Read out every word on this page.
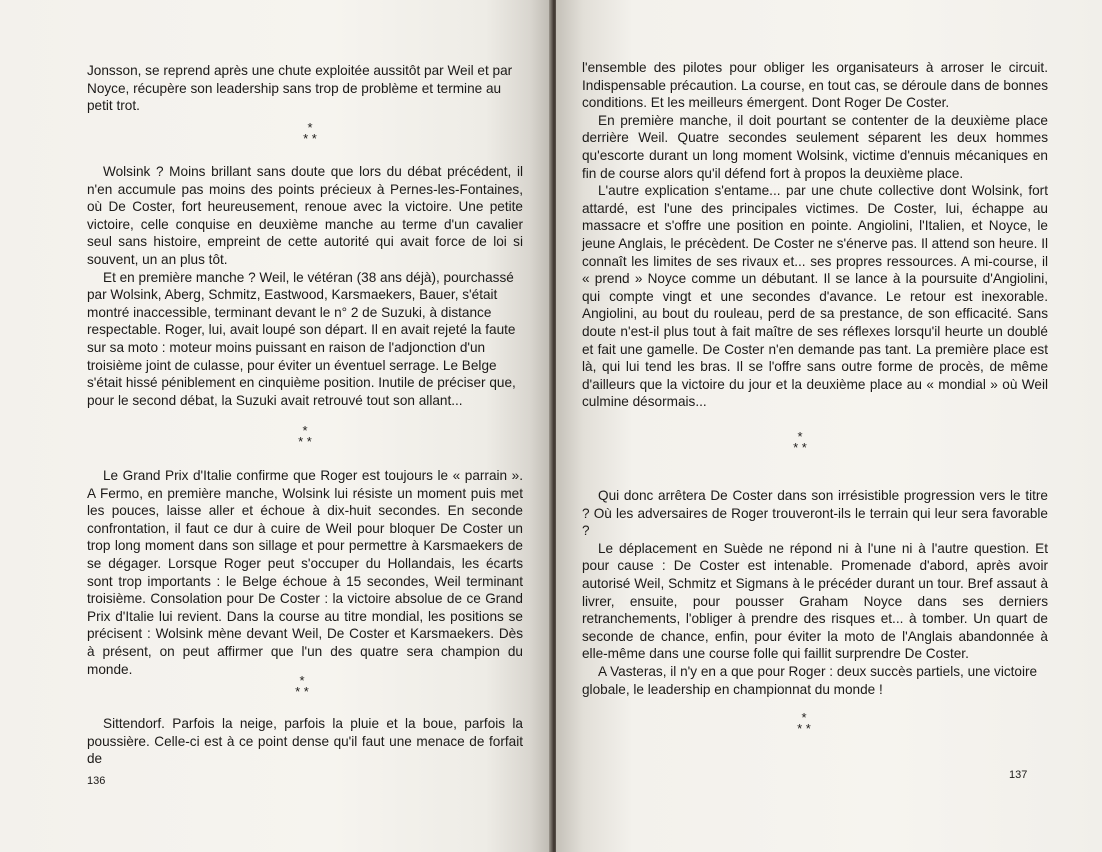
Jonsson, se reprend après une chute exploitée aussitôt par Weil et par Noyce, récupère son leadership sans trop de problème et termine au petit trot.

*
* *

Wolsink ? Moins brillant sans doute que lors du débat précédent, il n'en accumule pas moins des points précieux à Pernes-les-Fontaines, où De Coster, fort heureusement, renoue avec la victoire. Une petite victoire, celle conquise en deuxième manche au terme d'un cavalier seul sans histoire, empreint de cette autorité qui avait force de loi si souvent, un an plus tôt.

Et en première manche ? Weil, le vétéran (38 ans déjà), pourchassé par Wolsink, Aberg, Schmitz, Eastwood, Karsmaekers, Bauer, s'était montré inaccessible, terminant devant le n° 2 de Suzuki, à distance respectable. Roger, lui, avait loupé son départ. Il en avait rejeté la faute sur sa moto : moteur moins puissant en raison de l'adjonction d'un troisième joint de culasse, pour éviter un éventuel serrage. Le Belge s'était hissé péniblement en cinquième position. Inutile de préciser que, pour le second débat, la Suzuki avait retrouvé tout son allant...

*
* *

Le Grand Prix d'Italie confirme que Roger est toujours le « parrain ». A Fermo, en première manche, Wolsink lui résiste un moment puis met les pouces, laisse aller et échoue à dix-huit secondes. En seconde confrontation, il faut ce dur à cuire de Weil pour bloquer De Coster un trop long moment dans son sillage et pour permettre à Karsmaekers de se dégager. Lorsque Roger peut s'occuper du Hollandais, les écarts sont trop importants : le Belge échoue à 15 secondes, Weil terminant troisième. Consolation pour De Coster : la victoire absolue de ce Grand Prix d'Italie lui revient. Dans la course au titre mondial, les positions se précisent : Wolsink mène devant Weil, De Coster et Karsmaekers. Dès à présent, on peut affirmer que l'un des quatre sera champion du monde.

*
* *

Sittendorf. Parfois la neige, parfois la pluie et la boue, parfois la poussière. Celle-ci est à ce point dense qu'il faut une menace de forfait de

136

l'ensemble des pilotes pour obliger les organisateurs à arroser le circuit. Indispensable précaution. La course, en tout cas, se déroule dans de bonnes conditions. Et les meilleurs émergent. Dont Roger De Coster.

En première manche, il doit pourtant se contenter de la deuxième place derrière Weil. Quatre secondes seulement séparent les deux hommes qu'escorte durant un long moment Wolsink, victime d'ennuis mécaniques en fin de course alors qu'il défend fort à propos la deuxième place.

L'autre explication s'entame... par une chute collective dont Wolsink, fort attardé, est l'une des principales victimes. De Coster, lui, échappe au massacre et s'offre une position en pointe. Angiolini, l'Italien, et Noyce, le jeune Anglais, le précèdent. De Coster ne s'énerve pas. Il attend son heure. Il connaît les limites de ses rivaux et... ses propres ressources. A mi-course, il « prend » Noyce comme un débutant. Il se lance à la poursuite d'Angiolini, qui compte vingt et une secondes d'avance. Le retour est inexorable. Angiolini, au bout du rouleau, perd de sa prestance, de son efficacité. Sans doute n'est-il plus tout à fait maître de ses réflexes lorsqu'il heurte un doublé et fait une gamelle. De Coster n'en demande pas tant. La première place est là, qui lui tend les bras. Il se l'offre sans outre forme de procès, de même d'ailleurs que la victoire du jour et la deuxième place au « mondial » où Weil culmine désormais...

*
* *

Qui donc arrêtera De Coster dans son irrésistible progression vers le titre ? Où les adversaires de Roger trouveront-ils le terrain qui leur sera favorable ?

Le déplacement en Suède ne répond ni à l'une ni à l'autre question. Et pour cause : De Coster est intenable. Promenade d'abord, après avoir autorisé Weil, Schmitz et Sigmans à le précéder durant un tour. Bref assaut à livrer, ensuite, pour pousser Graham Noyce dans ses derniers retranchements, l'obliger à prendre des risques et... à tomber. Un quart de seconde de chance, enfin, pour éviter la moto de l'Anglais abandonnée à elle-même dans une course folle qui faillit surprendre De Coster.

A Vasteras, il n'y en a que pour Roger : deux succès partiels, une victoire globale, le leadership en championnat du monde !

*
* *
137
